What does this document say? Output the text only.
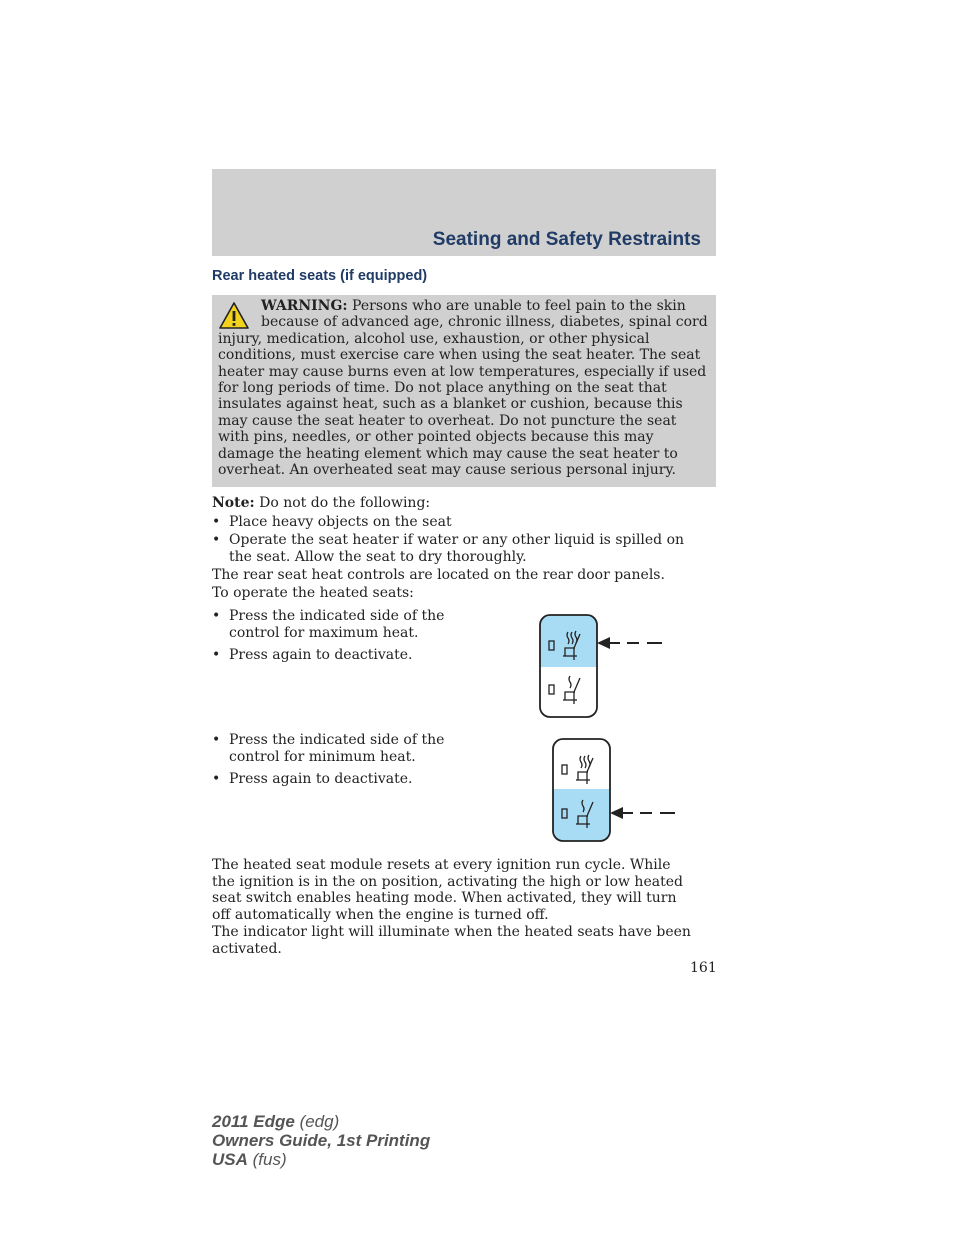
Seating and Safety Restraints
Rear heated seats (if equipped)
WARNING: Persons who are unable to feel pain to the skin because of advanced age, chronic illness, diabetes, spinal cord injury, medication, alcohol use, exhaustion, or other physical conditions, must exercise care when using the seat heater. The seat heater may cause burns even at low temperatures, especially if used for long periods of time. Do not place anything on the seat that insulates against heat, such as a blanket or cushion, because this may cause the seat heater to overheat. Do not puncture the seat with pins, needles, or other pointed objects because this may damage the heating element which may cause the seat heater to overheat. An overheated seat may cause serious personal injury.
Note: Do not do the following:
• Place heavy objects on the seat
• Operate the seat heater if water or any other liquid is spilled on the seat. Allow the seat to dry thoroughly.
The rear seat heat controls are located on the rear door panels.
To operate the heated seats:
• Press the indicated side of the control for maximum heat.
• Press again to deactivate.
• Press the indicated side of the control for minimum heat.
• Press again to deactivate.
The heated seat module resets at every ignition run cycle. While the ignition is in the on position, activating the high or low heated seat switch enables heating mode. When activated, they will turn off automatically when the engine is turned off.
The indicator light will illuminate when the heated seats have been activated.
161
2011 Edge (edg)
Owners Guide, 1st Printing
USA (fus)
